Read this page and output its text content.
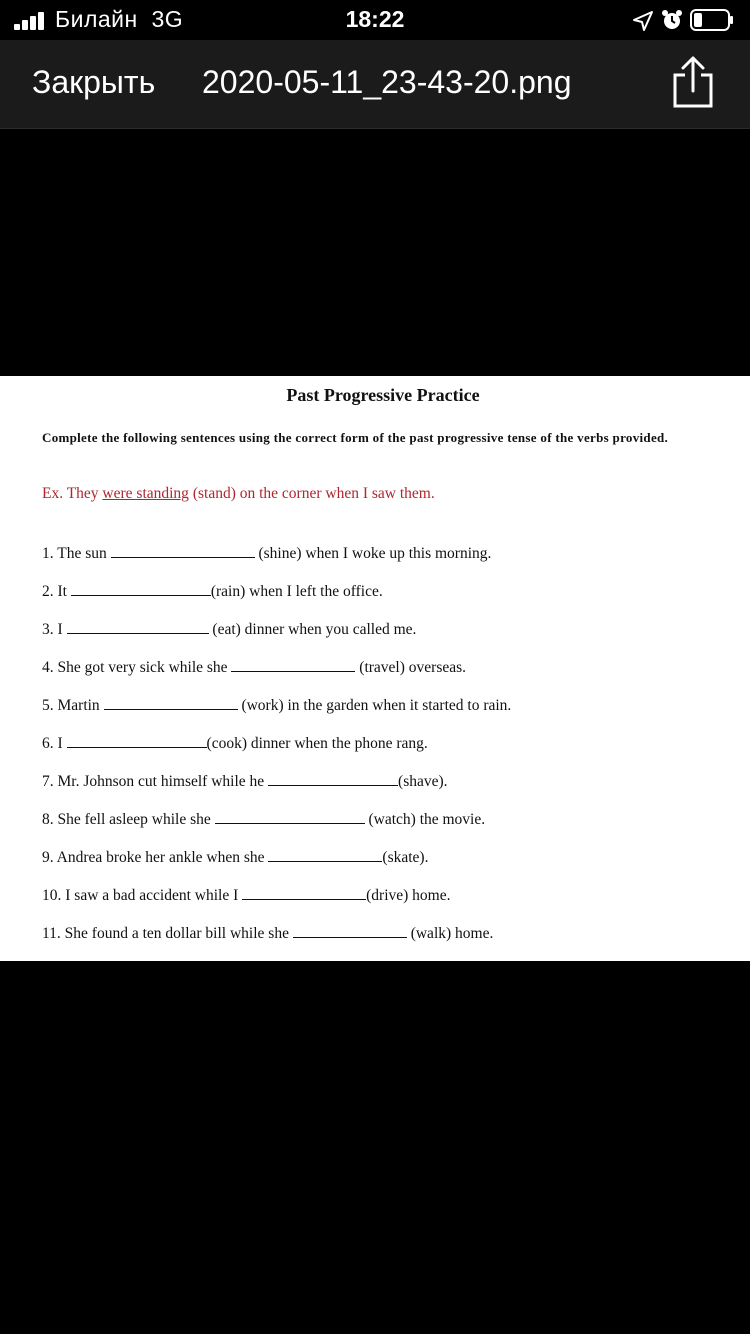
Билайн 3G	18:22
Закрыть 2020-05-11_23-43-20.png
Past Progressive Practice
Complete the following sentences using the correct form of the past progressive tense of the verbs provided.
Ex. They were standing (stand) on the corner when I saw them.
1. The sun	(shine) when I woke up this morning.
2. It	(rain) when I left the office.
3. I	(eat) dinner when you called me.
4. She got very sick while she	(travel) overseas.
5. Martin	(work) in the garden when it started to rain.
6. I	(cook) dinner when the phone rang.
7. Mr. Johnson cut himself while he	(shave).
8. She fell asleep while she	(watch) the movie.
9. Andrea broke her ankle when she	(skate).
10. I saw a bad accident while I	(drive) home.
11. She found a ten dollar bill while she	(walk) home.
